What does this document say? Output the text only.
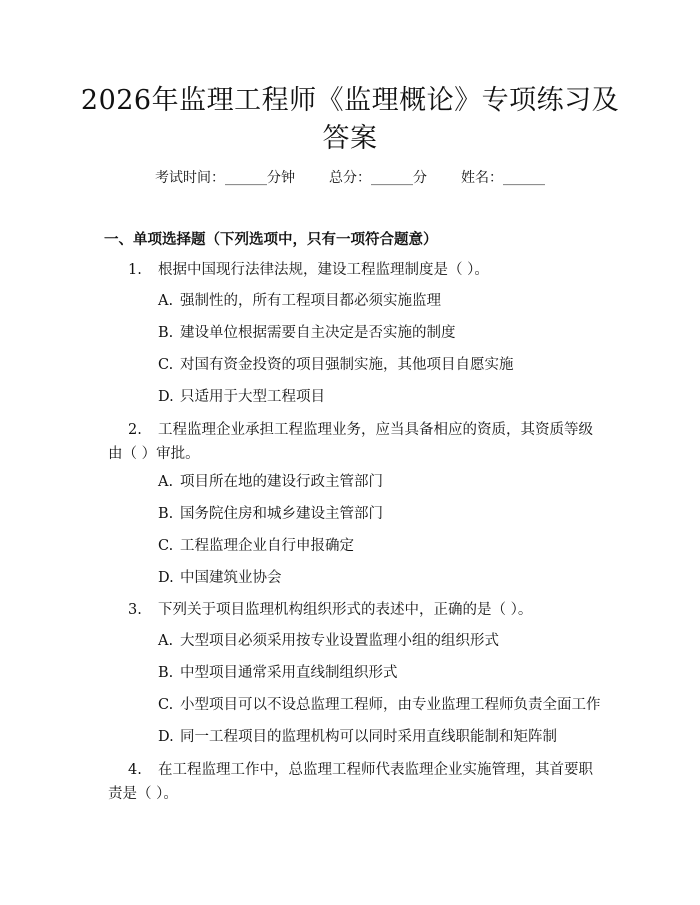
2026年监理工程师《监理概论》专项练习及
答案
考试时间：______分钟 总分：______分 姓名：______
一、单项选择题（下列选项中，只有一项符合题意）
1. 根据中国现行法律法规，建设工程监理制度是（ ）。
A. 强制性的，所有工程项目都必须实施监理
B. 建设单位根据需要自主决定是否实施的制度
C. 对国有资金投资的项目强制实施，其他项目自愿实施
D. 只适用于大型工程项目
2. 工程监理企业承担工程监理业务，应当具备相应的资质，其资质等级由（ ）审批。
A. 项目所在地的建设行政主管部门
B. 国务院住房和城乡建设主管部门
C. 工程监理企业自行申报确定
D. 中国建筑业协会
3. 下列关于项目监理机构组织形式的表述中，正确的是（ ）。
A. 大型项目必须采用按专业设置监理小组的组织形式
B. 中型项目通常采用直线制组织形式
C. 小型项目可以不设总监理工程师，由专业监理工程师负责全面工作
D. 同一工程项目的监理机构可以同时采用直线职能制和矩阵制
4. 在工程监理工作中，总监理工程师代表监理企业实施管理，其首要职责是（ ）。
